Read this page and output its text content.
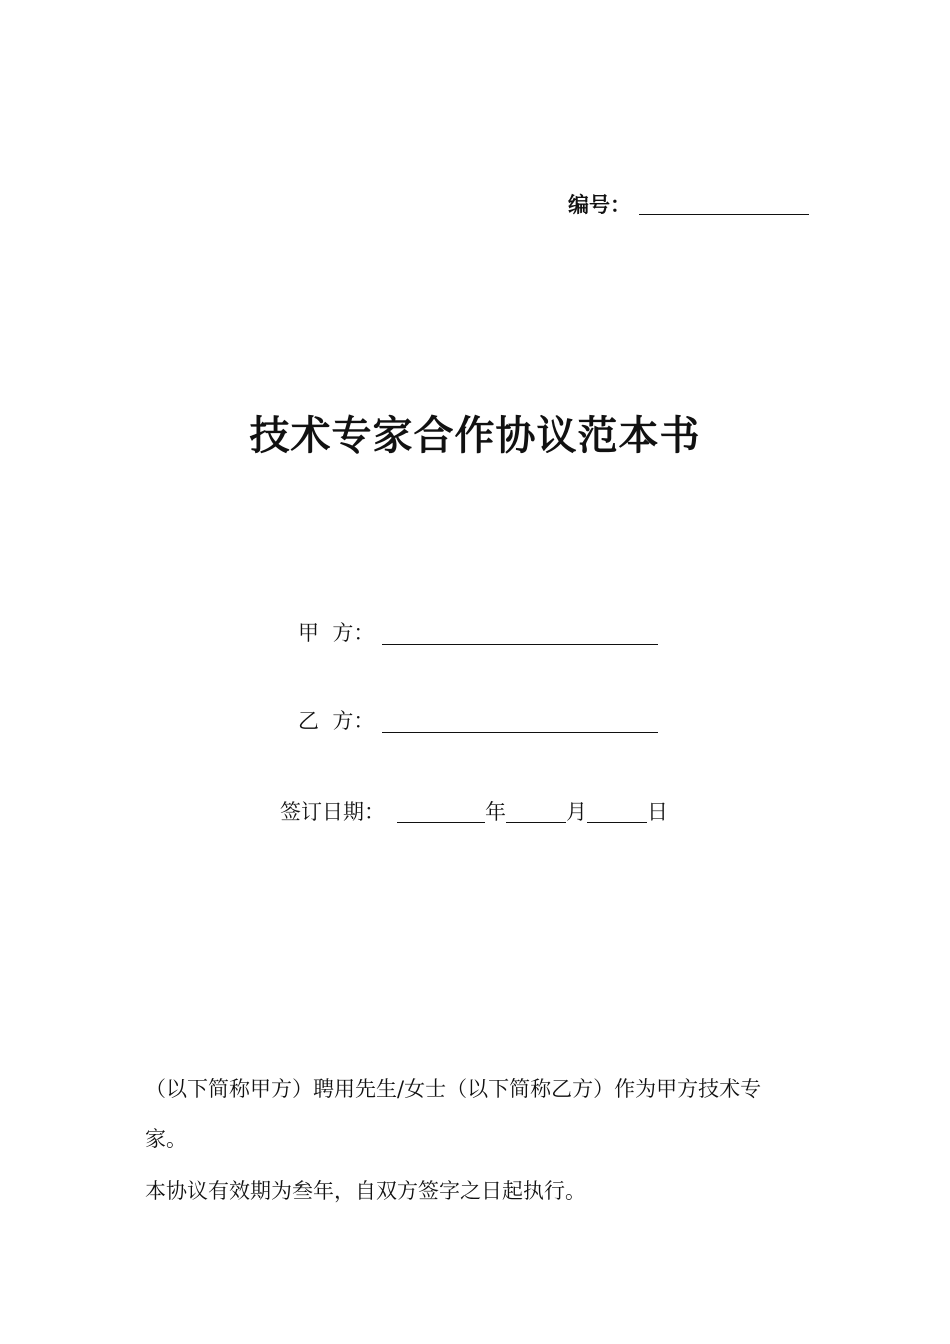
编号：
技术专家合作协议范本书
甲  方：
乙  方：
签订日期：	年	月	日
（以下简称甲方）聘用先生/女士（以下简称乙方）作为甲方技术专
家。
本协议有效期为叁年，自双方签字之日起执行。
